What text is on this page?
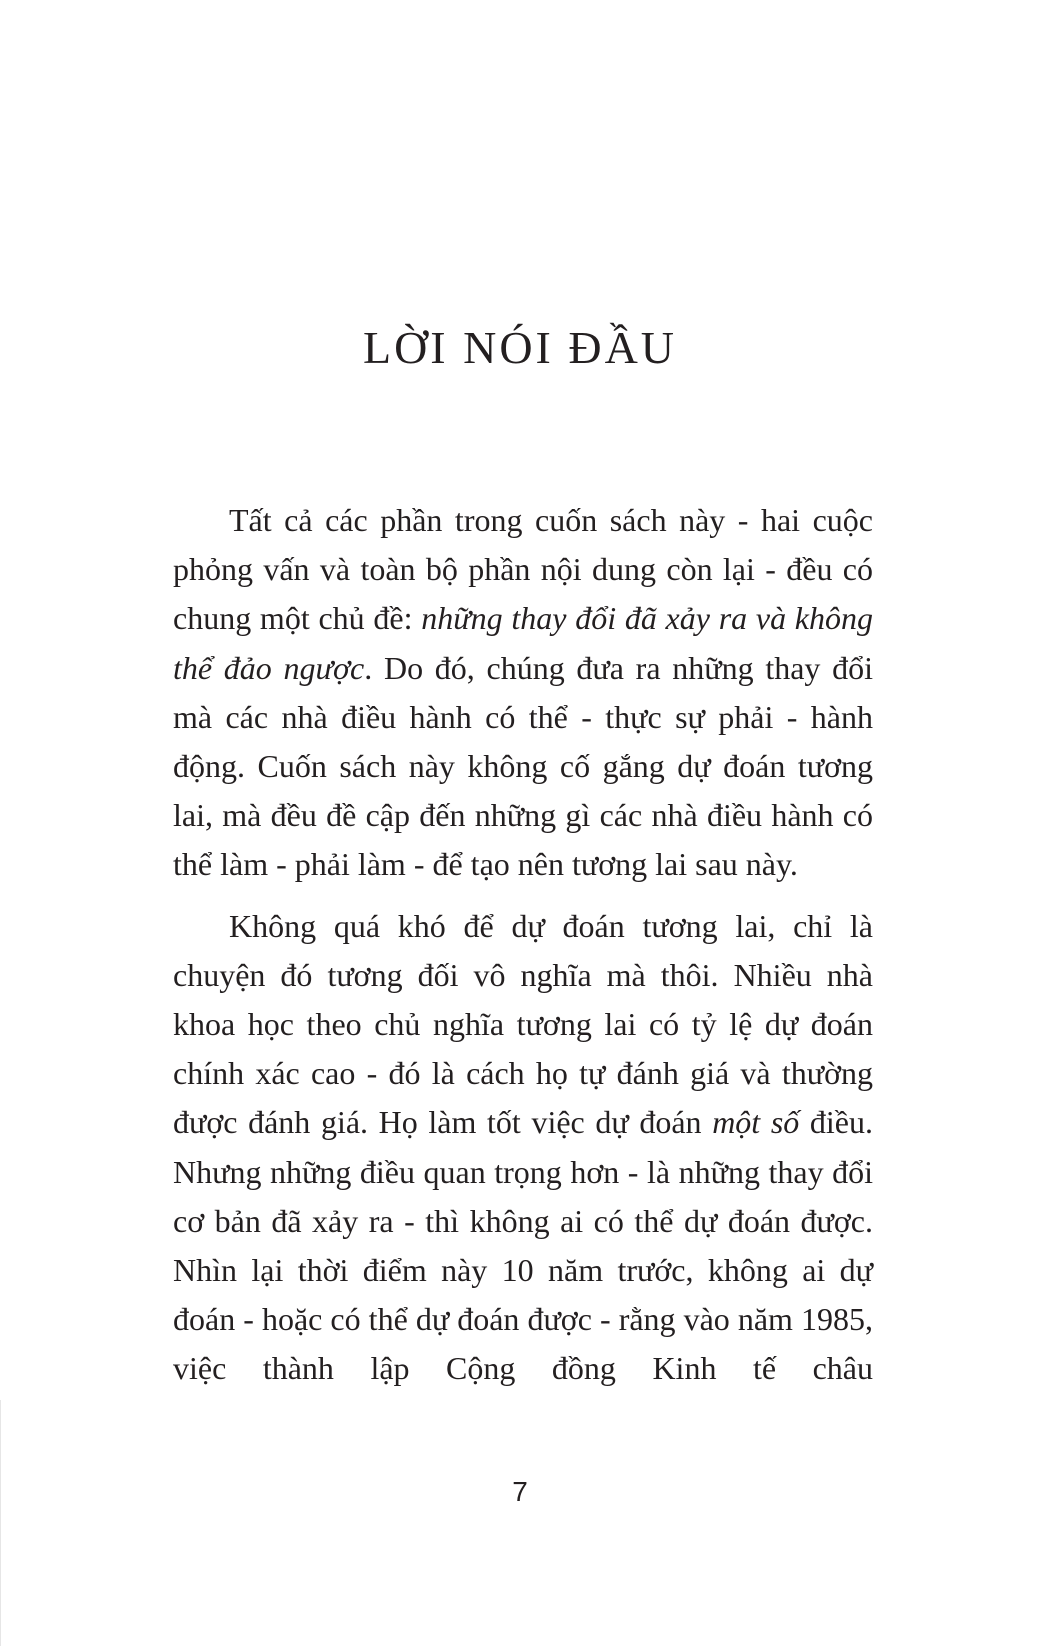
LỜI NÓI ĐẦU

Tất cả các phần trong cuốn sách này - hai cuộc phỏng vấn và toàn bộ phần nội dung còn lại - đều có chung một chủ đề: những thay đổi đã xảy ra và không thể đảo ngược. Do đó, chúng đưa ra những thay đổi mà các nhà điều hành có thể - thực sự phải - hành động. Cuốn sách này không cố gắng dự đoán tương lai, mà đều đề cập đến những gì các nhà điều hành có thể làm - phải làm - để tạo nên tương lai sau này.

Không quá khó để dự đoán tương lai, chỉ là chuyện đó tương đối vô nghĩa mà thôi. Nhiều nhà khoa học theo chủ nghĩa tương lai có tỷ lệ dự đoán chính xác cao - đó là cách họ tự đánh giá và thường được đánh giá. Họ làm tốt việc dự đoán một số điều. Nhưng những điều quan trọng hơn - là những thay đổi cơ bản đã xảy ra - thì không ai có thể dự đoán được. Nhìn lại thời điểm này 10 năm trước, không ai dự đoán - hoặc có thể dự đoán được - rằng vào năm 1985, việc thành lập Cộng đồng Kinh tế châu

7
